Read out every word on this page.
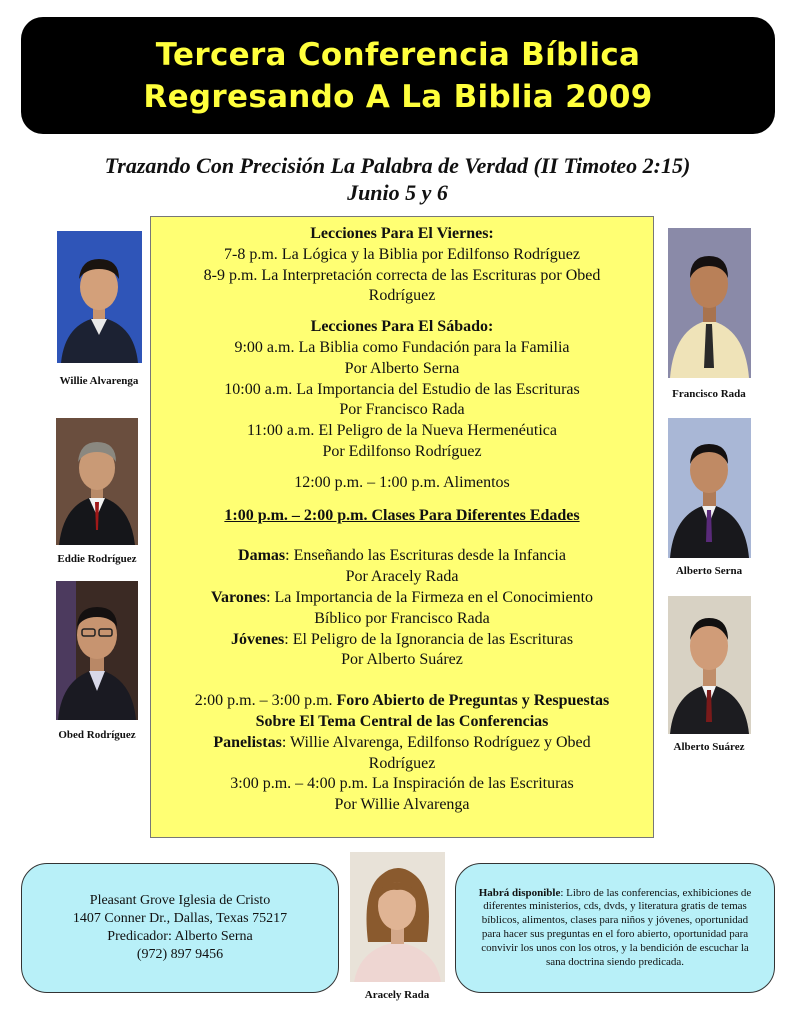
Tercera Conferencia Bíblica
Regresando A La Biblia 2009
Trazando Con Precisión La Palabra de Verdad (II Timoteo 2:15)
Junio 5 y 6

Lecciones Para El Viernes:

7-8 p.m. La Lógica y la Biblia por Edilfonso Rodríguez

8-9 p.m. La Interpretación correcta de las Escrituras por Obed

Rodríguez

Lecciones Para El Sábado:

9:00 a.m. La Biblia como Fundación para la Familia

Por Alberto Serna

10:00 a.m. La Importancia del Estudio de las Escrituras

Por Francisco Rada

11:00 a.m. El Peligro de la Nueva Hermenéutica

Por Edilfonso Rodríguez

12:00 p.m. – 1:00 p.m. Alimentos

1:00 p.m. – 2:00 p.m. Clases Para Diferentes Edades

Damas: Enseñando las Escrituras desde la Infancia

Por Aracely Rada

Varones: La Importancia de la Firmeza en el Conocimiento

Bíblico por Francisco Rada

Jóvenes: El Peligro de la Ignorancia de las Escrituras

Por Alberto Suárez

2:00 p.m. – 3:00 p.m. Foro Abierto de Preguntas y Respuestas

Sobre El Tema Central de las Conferencias

Panelistas: Willie Alvarenga, Edilfonso Rodríguez y Obed

Rodríguez

3:00 p.m. – 4:00 p.m. La Inspiración de las Escrituras

Por Willie Alvarenga

Willie Alvarenga
Eddie Rodríguez
Obed Rodríguez
Francisco Rada
Alberto Serna
Alberto Suárez
Pleasant Grove Iglesia de Cristo
1407 Conner Dr., Dallas, Texas 75217
Predicador: Alberto Serna
(972) 897 9456
Aracely Rada
Habrá disponible: Libro de las conferencias, exhibiciones de diferentes ministerios, cds, dvds, y literatura gratis de temas bíblicos, alimentos, clases para niños y jóvenes, oportunidad para hacer sus preguntas en el foro abierto, oportunidad para convivir los unos con los otros, y la bendición de escuchar la sana doctrina siendo predicada.
